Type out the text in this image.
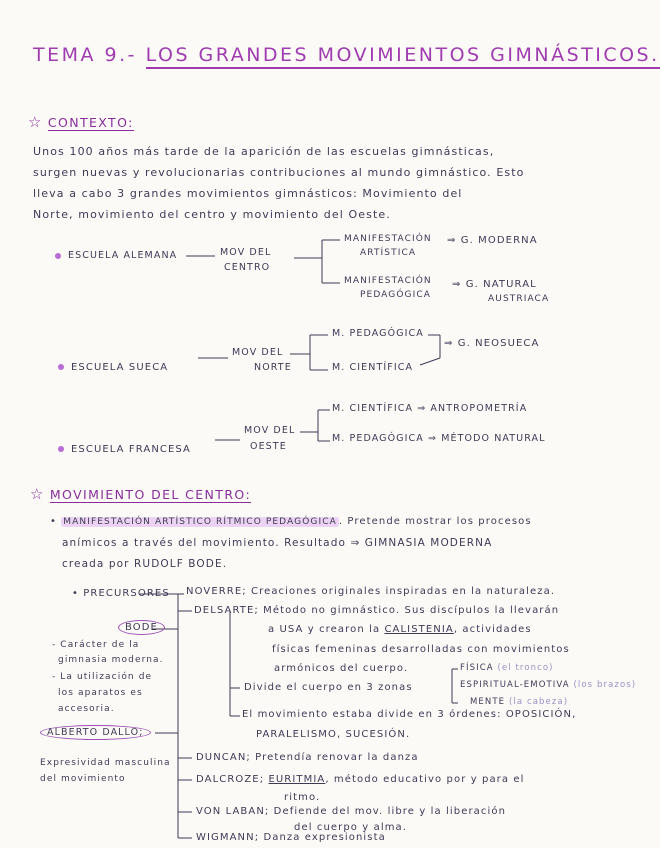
TEMA 9.- LOS GRANDES MOVIMIENTOS GIMNÁSTICOS.
☆ CONTEXTO:
Unos 100 años más tarde de la aparición de las escuelas gimnásticas,
surgen nuevas y revolucionarias contribuciones al mundo gimnástico. Esto
lleva a cabo 3 grandes movimientos gimnásticos: Movimiento del
Norte, movimiento del centro y movimiento del Oeste.
ESCUELA ALEMANA	MOV DEL
CENTRO
MANIFESTACIÓN
ARTÍSTICA
MANIFESTACIÓN
PEDAGÓGICA
⇒ G. MODERNA
⇒ G. NATURAL
AUSTRIACA
ESCUELA SUECA
MOV DEL
NORTE
M. PEDAGÓGICA
M. CIENTÍFICA
⇒ G. NEOSUECA
ESCUELA FRANCESA
MOV DEL
OESTE
M. CIENTÍFICA ⇒ ANTROPOMETRÍA
M. PEDAGÓGICA ⇒ MÉTODO NATURAL
☆ MOVIMIENTO DEL CENTRO:
• MANIFESTACIÓN ARTÍSTICO RÍTMICO PEDAGÓGICA . Pretende mostrar los procesos
anímicos a través del movimiento. Resultado ⇒ GIMNASIA MODERNA
creada por RUDOLF BODE.
• PRECURSORES NOVERRE; Creaciones originales inspiradas en la naturaleza.
DELSARTE; Método no gimnástico. Sus discípulos la llevarán
a USA y crearon la CALISTENIA, actividades
físicas femeninas desarrolladas con movimientos
armónicos del cuerpo.
Divide el cuerpo en 3 zonas
FÍSICA (el tronco)
ESPIRITUAL-EMOTIVA (los brazos)
MENTE (la cabeza)
El movimiento estaba divide en 3 órdenes: OPOSICIÓN,
PARALELISMO, SUCESIÓN.
BODE
- Carácter de la
gimnasia moderna.
- La utilización de
los aparatos es
accesoria.
ALBERTO DALLO;
Expresividad masculina
del movimiento
DUNCAN; Pretendía renovar la danza
DALCROZE; EURITMIA, método educativo por y para el
ritmo.
VON LABAN; Defiende del mov. libre y la liberación
del cuerpo y alma.
WIGMANN; Danza expresionista
